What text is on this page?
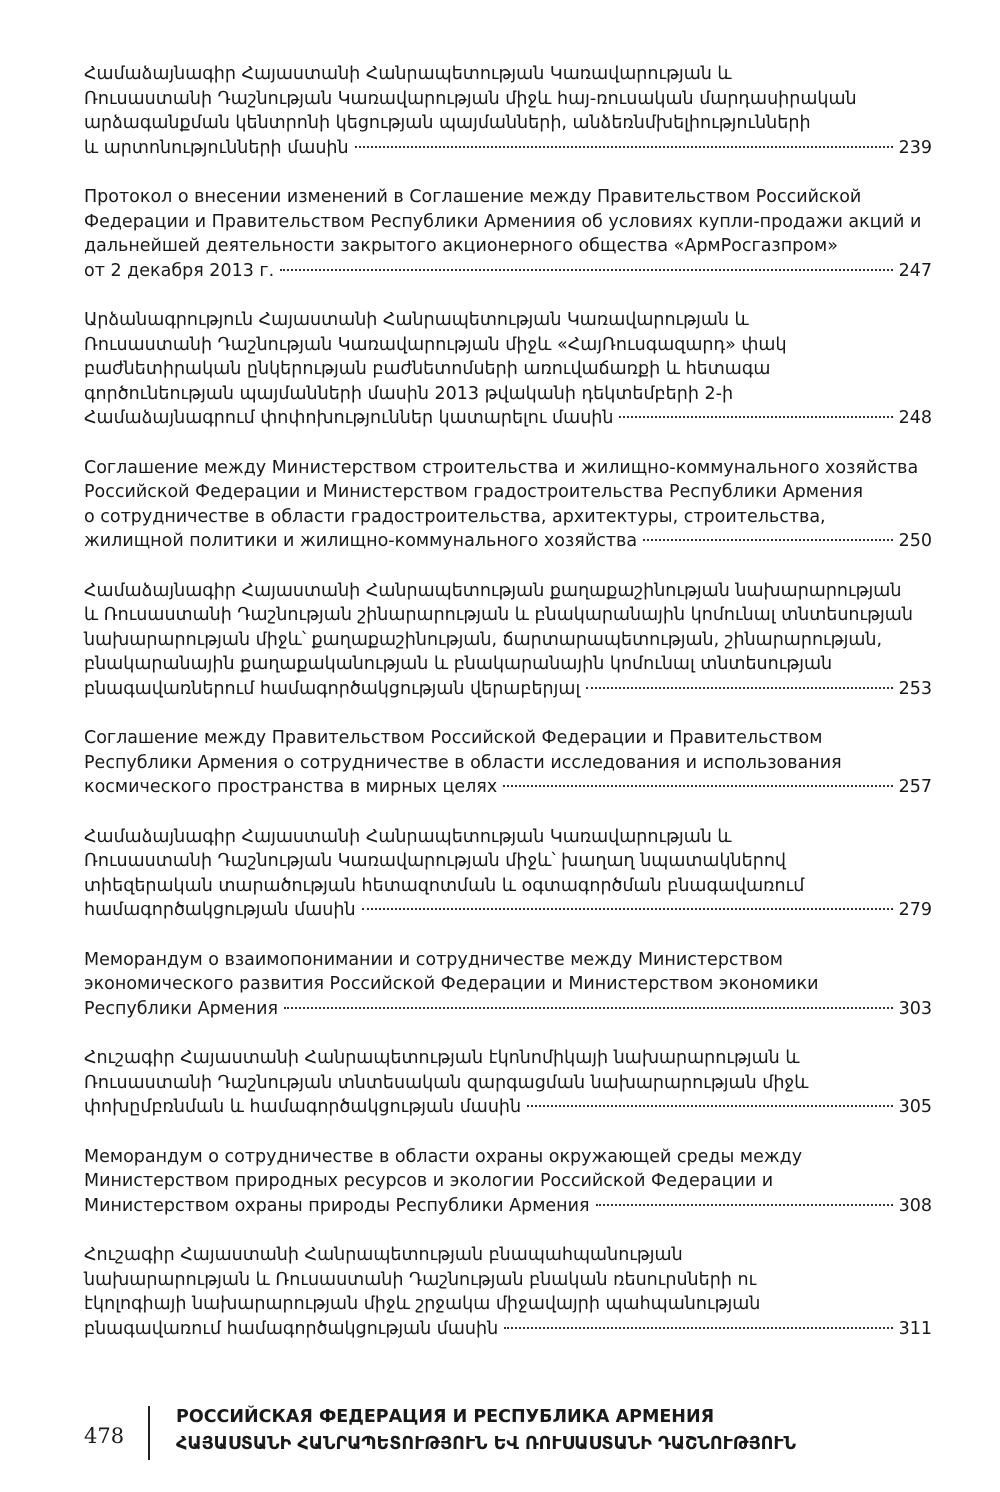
Համաձայնագիր Հայաստանի Հանրապետության Կառավարության և
Ռուսաստանի Դաշնության Կառավարության միջև հայ-ռուսական մարդասիրական
արձագանքման կենտրոնի կեցության պայմանների, անձեռնմխելիությունների
և արտոնությունների մասին	239
Протокол о внесении изменений в Соглашение между Правительством Российской
Федерации и Правительством Республики Армениия об условиях купли-продажи акций и
дальнейшей деятельности закрытого акционерного общества «АрмРосгазпром»
от 2 декабря 2013 г.	247
Արձանագրություն Հայաստանի Հանրապետության Կառավարության և
Ռուսաստանի Դաշնության Կառավարության միջև «ՀայՌուսգազարդ» փակ
բաժնետիրական ընկերության բաժնետոմսերի առուվաճառքի և հետագա
գործունեության պայմանների մասին 2013 թվականի դեկտեմբերի 2-ի
Համաձայնագրում փոփոխություններ կատարելու մասին	248
Соглашение между Министерством строительства и жилищно-коммунального хозяйства
Российской Федерации и Министерством градостроительства Республики Армения
о сотрудничестве в области градостроительства, архитектуры, строительства,
жилищной политики и жилищно-коммунального хозяйства	250
Համաձայնագիր Հայաստանի Հանրապետության քաղաքաշինության նախարարության
և Ռուսաստանի Դաշնության շինարարության և բնակարանային կոմունալ տնտեսության
նախարարության միջև՝ քաղաքաշինության, ճարտարապետության, շինարարության,
բնակարանային քաղաքականության և բնակարանային կոմունալ տնտեսության
բնագավառներում համագործակցության վերաբերյալ	253
Соглашение между Правительством Российской Федерации и Правительством
Республики Армения о сотрудничестве в области исследования и использования
космического пространства в мирных целях	257
Համաձայնագիր Հայաստանի Հանրապետության Կառավարության և
Ռուսաստանի Դաշնության Կառավարության միջև՝ խաղաղ նպատակներով
տիեզերական տարածության հետազոտման և օգտագործման բնագավառում
համագործակցության մասին	279
Меморандум о взаимопонимании и сотрудничестве между Министерством
экономического развития Российской Федерации и Министерством экономики
Республики Армения	303
Հուշագիր Հայաստանի Հանրապետության էկոնոմիկայի նախարարության և
Ռուսաստանի Դաշնության տնտեսական զարգացման նախարարության միջև
փոխըմբռնման և համագործակցության մասին	305
Меморандум о сотрудничестве в области охраны окружающей среды между
Министерством природных ресурсов и экологии Российской Федерации и
Министерством охраны природы Республики Армения	308
Հուշագիր Հայաստանի Հանրապետության բնապահպանության
նախարարության և Ռուսաստանի Դաշնության բնական ռեսուրսների ու
էկոլոգիայի նախարարության միջև շրջակա միջավայրի պահպանության
բնագավառում համագործակցության մասին	311
478
РОССИЙСКАЯ ФЕДЕРАЦИЯ И РЕСПУБЛИКА АРМЕНИЯ
ՀԱՅԱՍՏԱՆԻ ՀԱՆՐԱՊԵՏՈՒԹՅՈՒՆ ԵՎ ՌՈՒՍԱՍՏԱՆԻ ԴԱՇՆՈՒԹՅՈՒՆ
